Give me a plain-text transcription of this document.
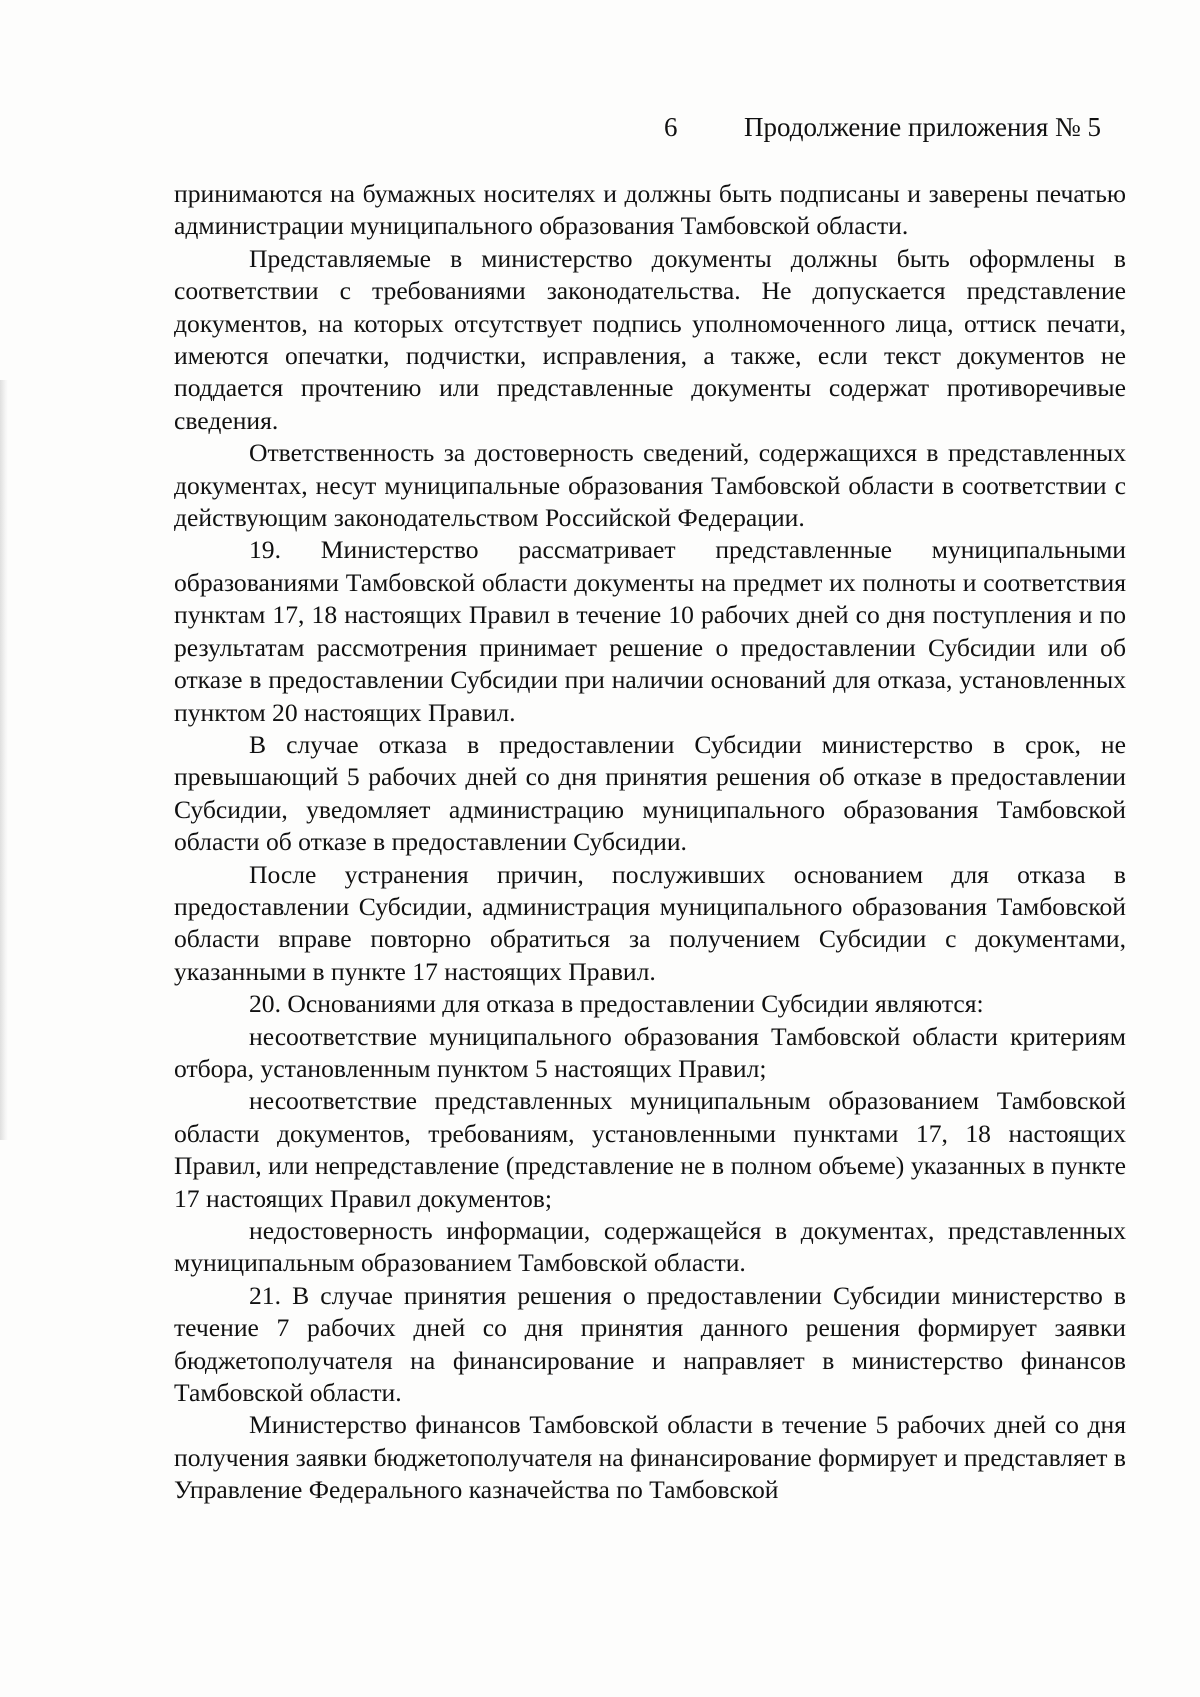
6 Продолжение приложения № 5

принимаются на бумажных носителях и должны быть подписаны и заверены печатью администрации муниципального образования Тамбовской области.

Представляемые в министерство документы должны быть оформлены в соответствии с требованиями законодательства. Не допускается представление документов, на которых отсутствует подпись уполномоченного лица, оттиск печати, имеются опечатки, подчистки, исправления, а также, если текст документов не поддается прочтению или представленные документы содержат противоречивые сведения.

Ответственность за достоверность сведений, содержащихся в представленных документах, несут муниципальные образования Тамбовской области в соответствии с действующим законодательством Российской Федерации.

19. Министерство рассматривает представленные муниципальными образованиями Тамбовской области документы на предмет их полноты и соответствия пунктам 17, 18 настоящих Правил в течение 10 рабочих дней со дня поступления и по результатам рассмотрения принимает решение о предоставлении Субсидии или об отказе в предоставлении Субсидии при наличии оснований для отказа, установленных пунктом 20 настоящих Правил.

В случае отказа в предоставлении Субсидии министерство в срок, не превышающий 5 рабочих дней со дня принятия решения об отказе в предоставлении Субсидии, уведомляет администрацию муниципального образования Тамбовской области об отказе в предоставлении Субсидии.

После устранения причин, послуживших основанием для отказа в предоставлении Субсидии, администрация муниципального образования Тамбовской области вправе повторно обратиться за получением Субсидии с документами, указанными в пункте 17 настоящих Правил.

20. Основаниями для отказа в предоставлении Субсидии являются:

несоответствие муниципального образования Тамбовской области критериям отбора, установленным пунктом 5 настоящих Правил;

несоответствие представленных муниципальным образованием Тамбовской области документов, требованиям, установленными пунктами 17, 18 настоящих Правил, или непредставление (представление не в полном объеме) указанных в пункте 17 настоящих Правил документов;

недостоверность информации, содержащейся в документах, представленных муниципальным образованием Тамбовской области.

21. В случае принятия решения о предоставлении Субсидии министерство в течение 7 рабочих дней со дня принятия данного решения формирует заявки бюджетополучателя на финансирование и направляет в министерство финансов Тамбовской области.

Министерство финансов Тамбовской области в течение 5 рабочих дней со дня получения заявки бюджетополучателя на финансирование формирует и представляет в Управление Федерального казначейства по Тамбовской
